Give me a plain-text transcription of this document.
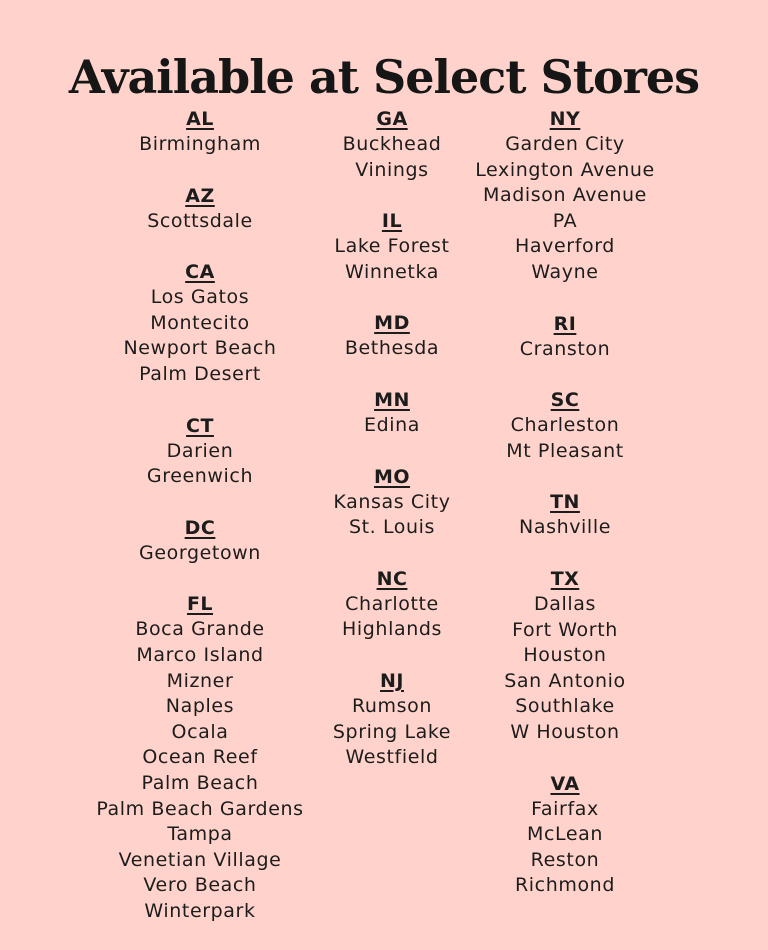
Available at Select Stores
AL
Birmingham
AZ
Scottsdale
CA
Los Gatos
Montecito
Newport Beach
Palm Desert
CT
Darien
Greenwich
DC
Georgetown
FL
Boca Grande
Marco Island
Mizner
Naples
Ocala
Ocean Reef
Palm Beach
Palm Beach Gardens
Tampa
Venetian Village
Vero Beach
Winterpark
GA
Buckhead
Vinings
IL
Lake Forest
Winnetka
MD
Bethesda
MN
Edina
MO
Kansas City
St. Louis
NC
Charlotte
Highlands
NJ
Rumson
Spring Lake
Westfield
NY
Garden City
Lexington Avenue
Madison Avenue
PA
Haverford
Wayne
RI
Cranston
SC
Charleston
Mt Pleasant
TN
Nashville
TX
Dallas
Fort Worth
Houston
San Antonio
Southlake
W Houston
VA
Fairfax
McLean
Reston
Richmond
